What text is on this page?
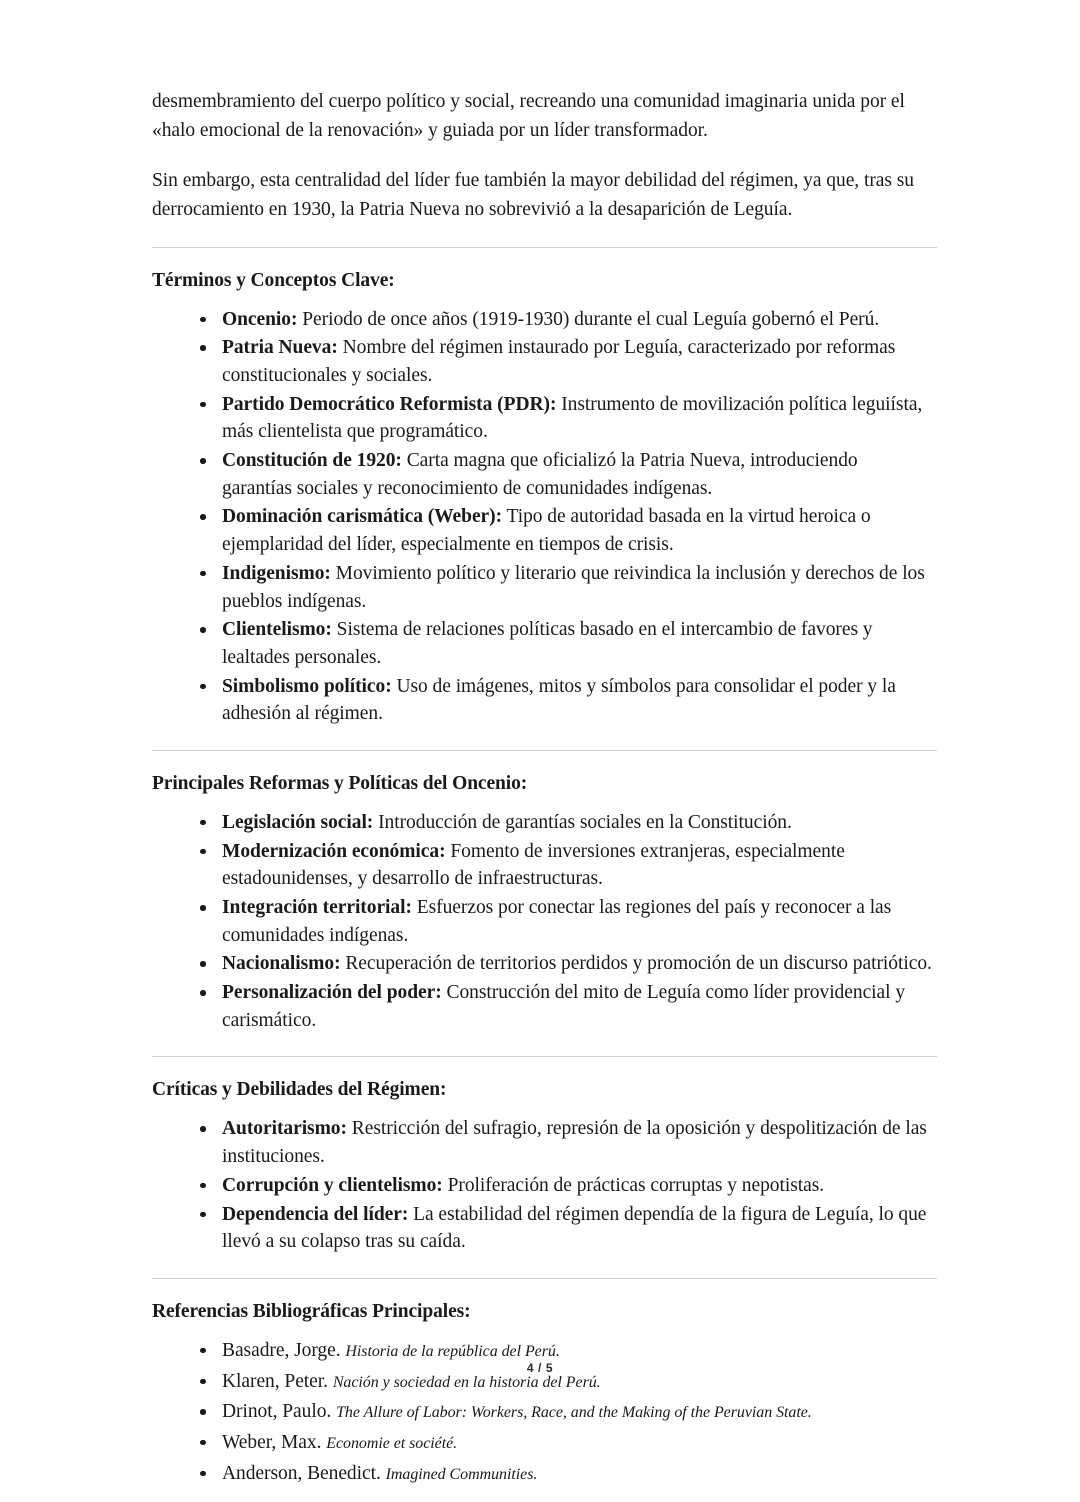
desmembramiento del cuerpo político y social, recreando una comunidad imaginaria unida por el «halo emocional de la renovación» y guiada por un líder transformador.

Sin embargo, esta centralidad del líder fue también la mayor debilidad del régimen, ya que, tras su derrocamiento en 1930, la Patria Nueva no sobrevivió a la desaparición de Leguía.

Términos y Conceptos Clave:
Oncenio: Periodo de once años (1919-1930) durante el cual Leguía gobernó el Perú.
Patria Nueva: Nombre del régimen instaurado por Leguía, caracterizado por reformas constitucionales y sociales.
Partido Democrático Reformista (PDR): Instrumento de movilización política leguiísta, más clientelista que programático.
Constitución de 1920: Carta magna que oficializó la Patria Nueva, introduciendo garantías sociales y reconocimiento de comunidades indígenas.
Dominación carismática (Weber): Tipo de autoridad basada en la virtud heroica o ejemplaridad del líder, especialmente en tiempos de crisis.
Indigenismo: Movimiento político y literario que reivindica la inclusión y derechos de los pueblos indígenas.
Clientelismo: Sistema de relaciones políticas basado en el intercambio de favores y lealtades personales.
Simbolismo político: Uso de imágenes, mitos y símbolos para consolidar el poder y la adhesión al régimen.
Principales Reformas y Políticas del Oncenio:
Legislación social: Introducción de garantías sociales en la Constitución.
Modernización económica: Fomento de inversiones extranjeras, especialmente estadounidenses, y desarrollo de infraestructuras.
Integración territorial: Esfuerzos por conectar las regiones del país y reconocer a las comunidades indígenas.
Nacionalismo: Recuperación de territorios perdidos y promoción de un discurso patriótico.
Personalización del poder: Construcción del mito de Leguía como líder providencial y carismático.
Críticas y Debilidades del Régimen:
Autoritarismo: Restricción del sufragio, represión de la oposición y despolitización de las instituciones.
Corrupción y clientelismo: Proliferación de prácticas corruptas y nepotistas.
Dependencia del líder: La estabilidad del régimen dependía de la figura de Leguía, lo que llevó a su colapso tras su caída.
Referencias Bibliográficas Principales:
Basadre, Jorge. Historia de la república del Perú.
Klaren, Peter. Nación y sociedad en la historia del Perú.
Drinot, Paulo. The Allure of Labor: Workers, Race, and the Making of the Peruvian State.
Weber, Max. Economie et société.
Anderson, Benedict. Imagined Communities.
4 / 5
